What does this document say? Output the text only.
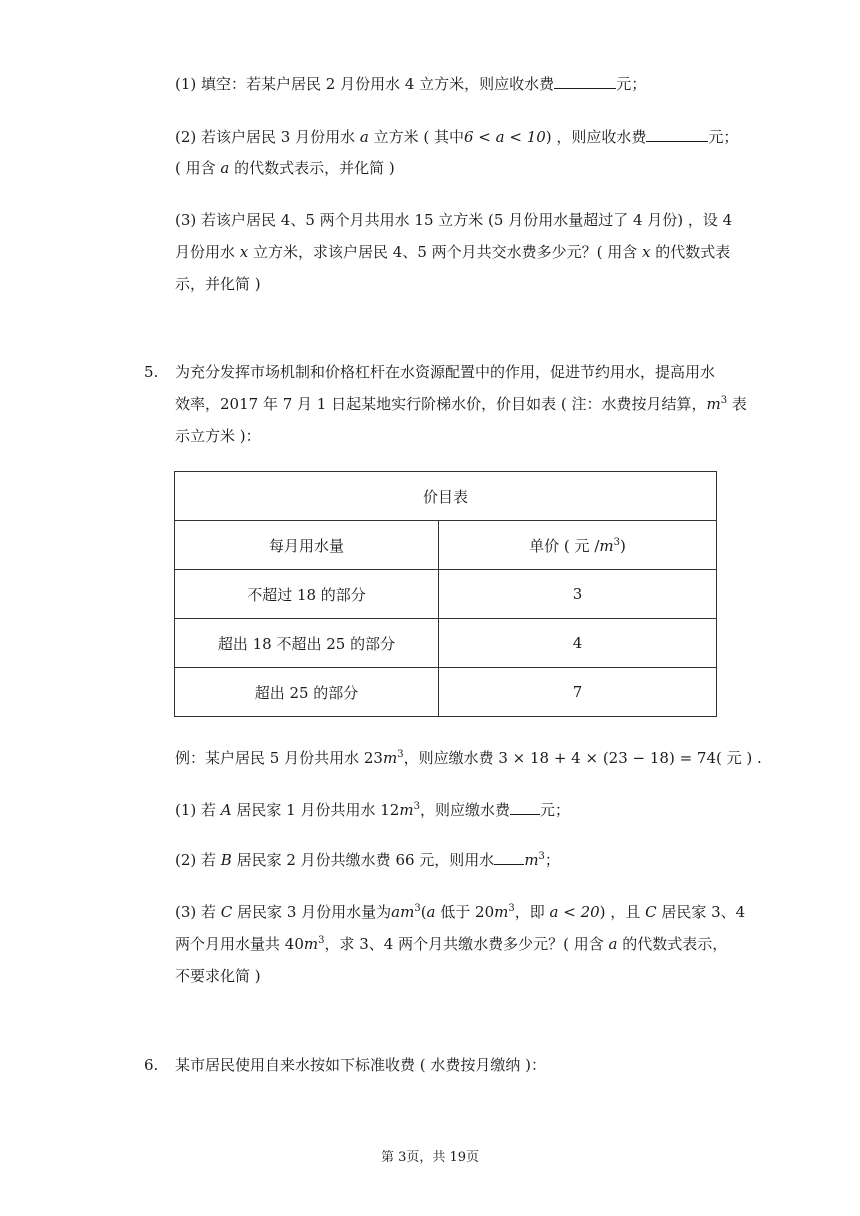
(1) 填空：若某户居民 2 月份用水 4 立方米，则应收水费	元；
(2) 若该户居民 3 月份用水 a 立方米 ( 其中6 < a < 10) ，则应收水费	元；
( 用含 a 的代数式表示，并化简 )
(3) 若该户居民 4、5 两个月共用水 15 立方米 (5 月份用水量超过了 4 月份) ，设 4
月份用水 x 立方米，求该户居民 4、5 两个月共交水费多少元？( 用含 x 的代数式表
示，并化简 )
5. 为充分发挥市场机制和价格杠杆在水资源配置中的作用，促进节约用水，提高用水
效率，2017 年 7 月 1 日起某地实行阶梯水价，价目如表 ( 注：水费按月结算，$m^3$ 表
示立方米 )：
价目表	
每月用水量	单价 ( 元 $/m^3$)
不超过 18 的部分	3
超出 18 不超出 25 的部分	4
超出 25 的部分	7
例：某户居民 5 月份共用水 $23m^3$，则应缴水费 3 × 18 + 4 × (23 − 18) = 74( 元 ) .
(1) 若 A 居民家 1 月份共用水 $12m^3$，则应缴水费 元；
(2) 若 B 居民家 2 月份共缴水费 66 元，则用水 $m^3$；
(3) 若 C 居民家 3 月份用水量为$am^3(a$ 低于 $20m^3$，即 a < 20) ，且 C 居民家 3、4
两个月用水量共 $40m^3$，求 3、4 两个月共缴水费多少元？( 用含 a 的代数式表示，
不要求化简 )
6. 某市居民使用自来水按如下标准收费 ( 水费按月缴纳 )：
第 3页，共 19页
